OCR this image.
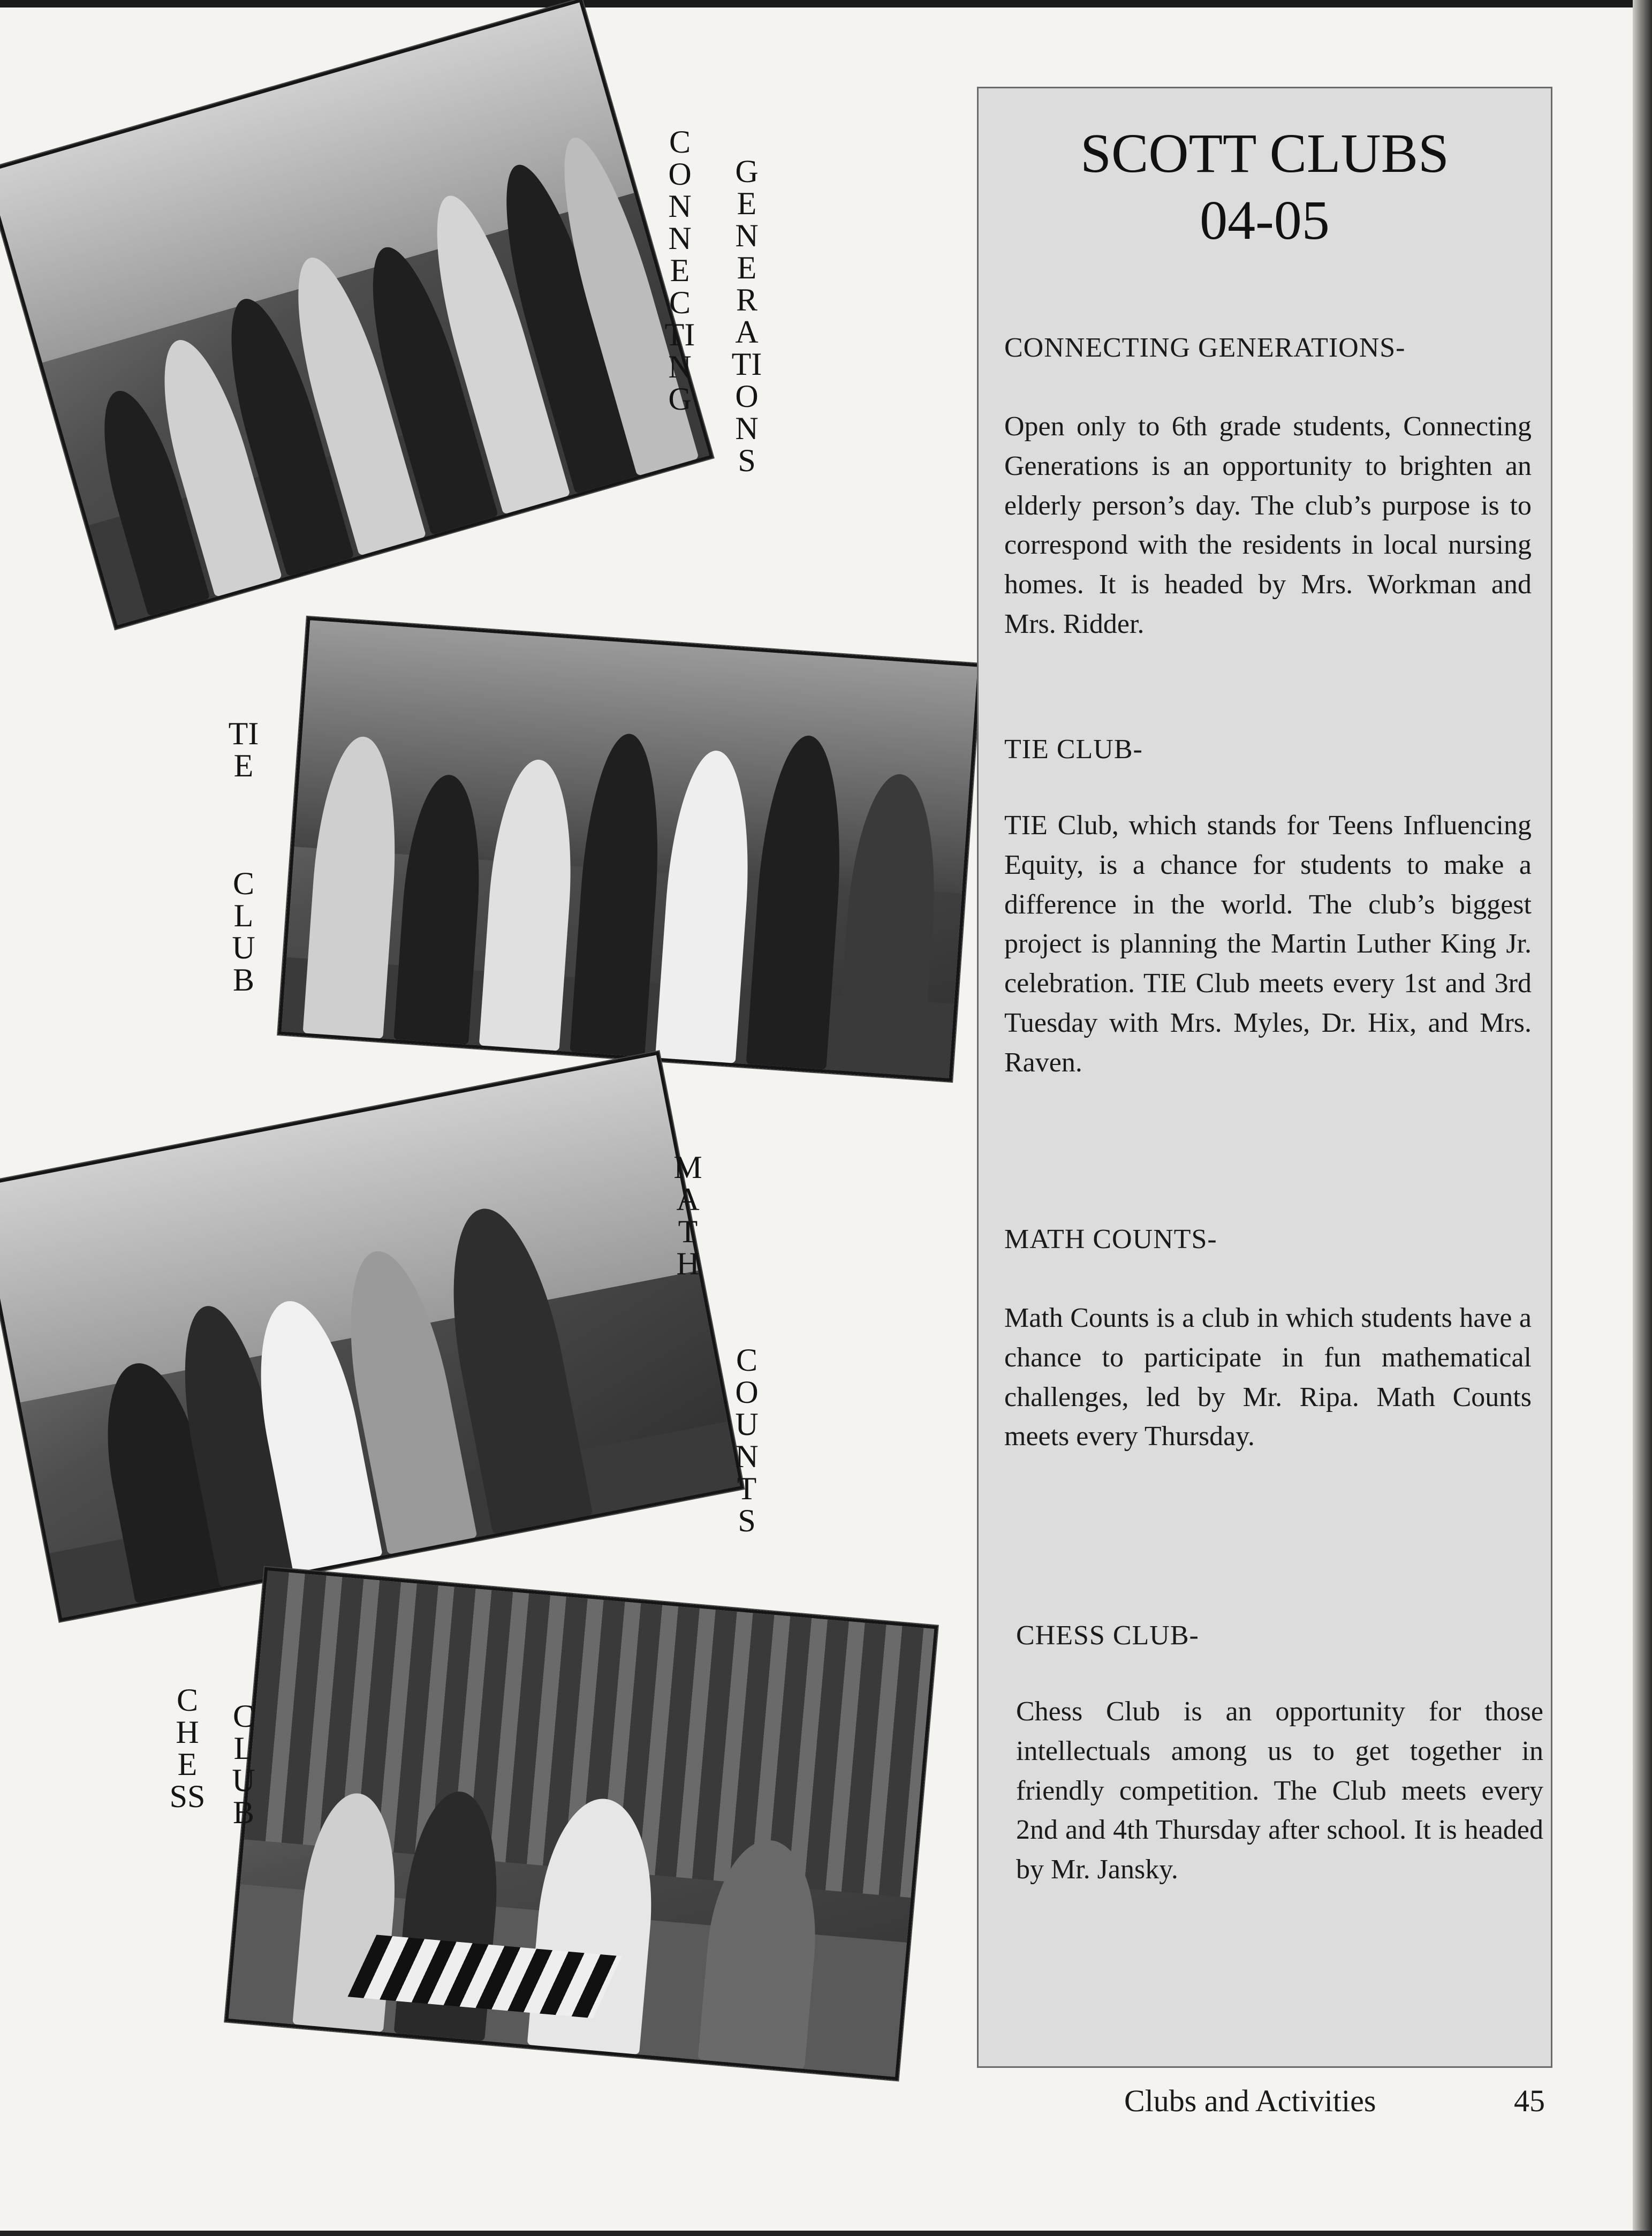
CONNECTING
GENERATIONS
TIE
CLUB
MATH
COUNTS
CHESS
CLUB
SCOTT CLUBS
04-05
CONNECTING GENERATIONS-
Open only to 6th grade students, Connecting Generations is an opportunity to brighten an elderly person’s day. The club’s purpose is to correspond with the residents in local nursing homes. It is headed by Mrs. Workman and Mrs. Ridder.
TIE CLUB-
TIE Club, which stands for Teens Influencing Equity, is a chance for students to make a difference in the world. The club’s biggest project is planning the Martin Luther King Jr. celebration. TIE Club meets every 1st and 3rd Tuesday with Mrs. Myles, Dr. Hix, and Mrs. Raven.
MATH COUNTS-
Math Counts is a club in which students have a chance to participate in fun mathematical challenges, led by Mr. Ripa. Math Counts meets every Thursday.
CHESS CLUB-
Chess Club is an opportunity for those intellectuals among us to get together in friendly competition. The Club meets every 2nd and 4th Thursday after school. It is headed by Mr. Jansky.
Clubs and Activities	45
